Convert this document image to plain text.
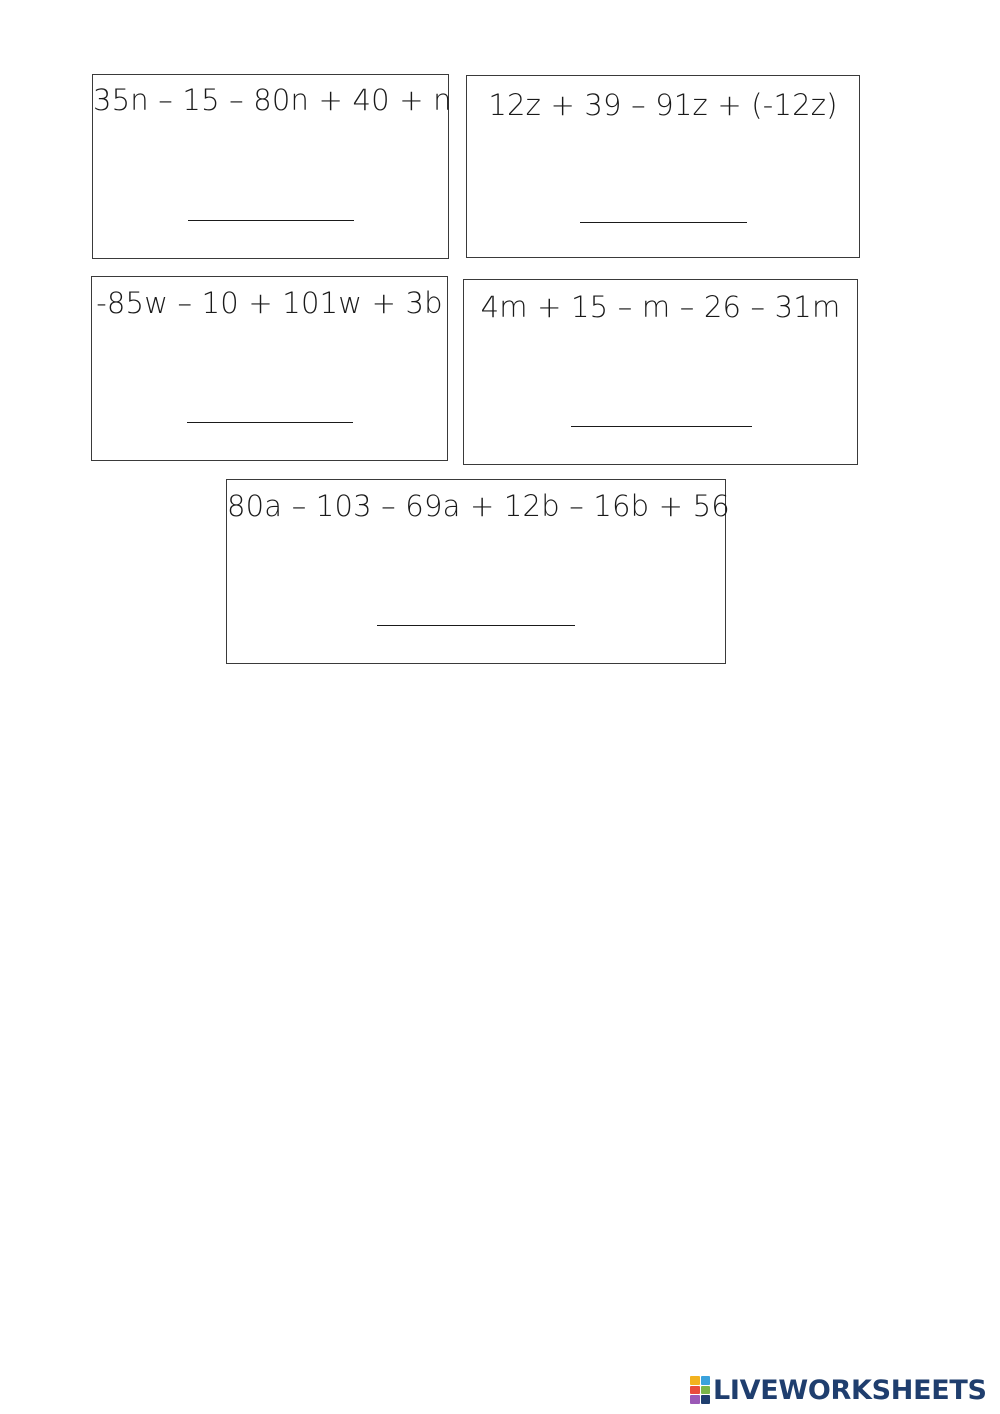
35n – 15 – 80n + 40 + n	12z + 39 – 91z + (-12z)
-85w – 10 + 101w + 3b	4m + 15 – m – 26 – 31m
80a – 103 – 69a + 12b – 16b + 56
LIVEWORKSHEETS
